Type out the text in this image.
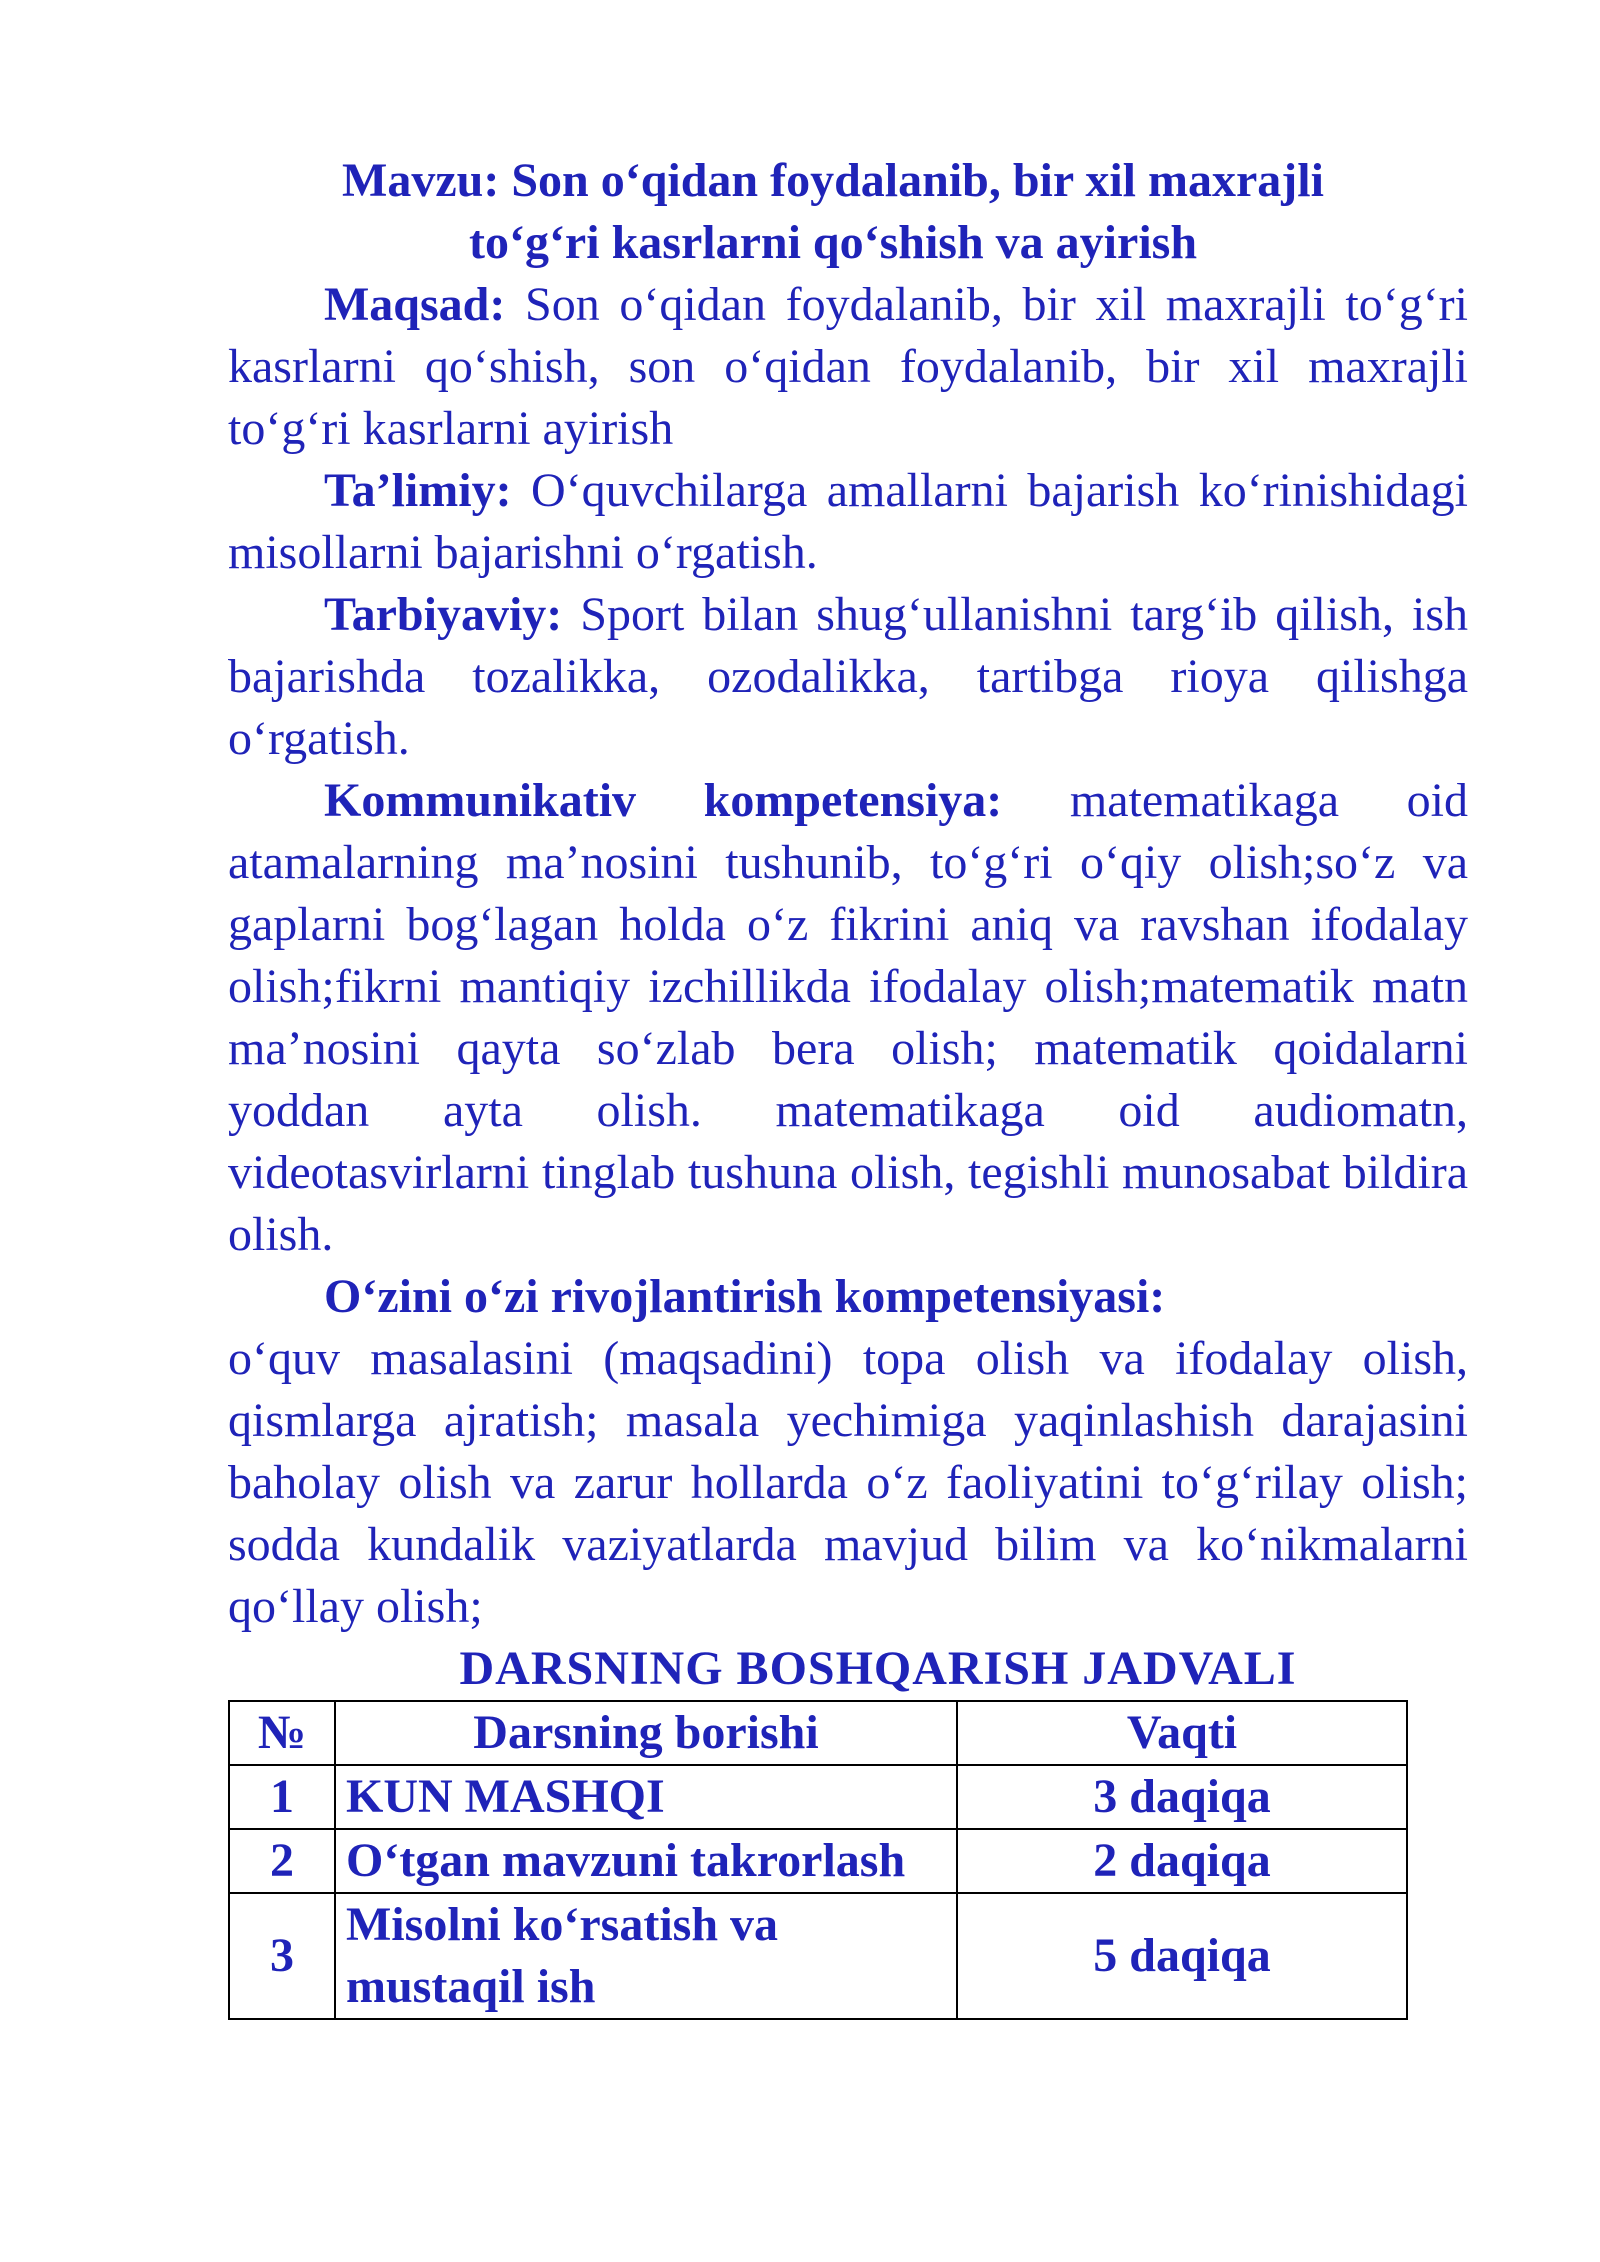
Mavzu: Son o‘qidan foydalanib, bir xil maxrajli
to‘g‘ri kasrlarni qo‘shish va ayirish

Maqsad: Son o‘qidan foydalanib, bir xil maxrajli to‘g‘ri kasrlarni qo‘shish, son o‘qidan foydalanib, bir xil maxrajli to‘g‘ri kasrlarni ayirish

Ta’limiy: O‘quvchilarga amallarni bajarish ko‘rinishidagi misollarni bajarishni o‘rgatish.

Tarbiyaviy: Sport bilan shug‘ullanishni targ‘ib qilish, ish bajarishda tozalikka, ozodalikka, tartibga rioya qilishga o‘rgatish.

Kommunikativ kompetensiya: matematikaga oid atamalarning ma’nosini tushunib, to‘g‘ri o‘qiy olish;so‘z va gaplarni bog‘lagan holda o‘z fikrini aniq va ravshan ifodalay olish;fikrni mantiqiy izchillikda ifodalay olish;matematik matn ma’nosini qayta so‘zlab bera olish; matematik qoidalarni yoddan ayta olish. matematikaga oid audiomatn, videotasvirlarni tinglab tushuna olish, tegishli munosabat bildira olish.

O‘zini o‘zi rivojlantirish kompetensiyasi:

o‘quv masalasini (maqsadini) topa olish va ifodalay olish, qismlarga ajratish; masala yechimiga yaqinlashish darajasini baholay olish va zarur hollarda o‘z faoliyatini to‘g‘rilay olish; sodda kundalik vaziyatlarda mavjud bilim va ko‘nikmalarni qo‘llay olish;

DARSNING BOSHQARISH JADVALI
№	Darsning borishi	Vaqti
1	KUN MASHQI	3 daqiqa
2	O‘tgan mavzuni takrorlash	2 daqiqa
3	Misolni ko‘rsatish va mustaqil ish	5 daqiqa
